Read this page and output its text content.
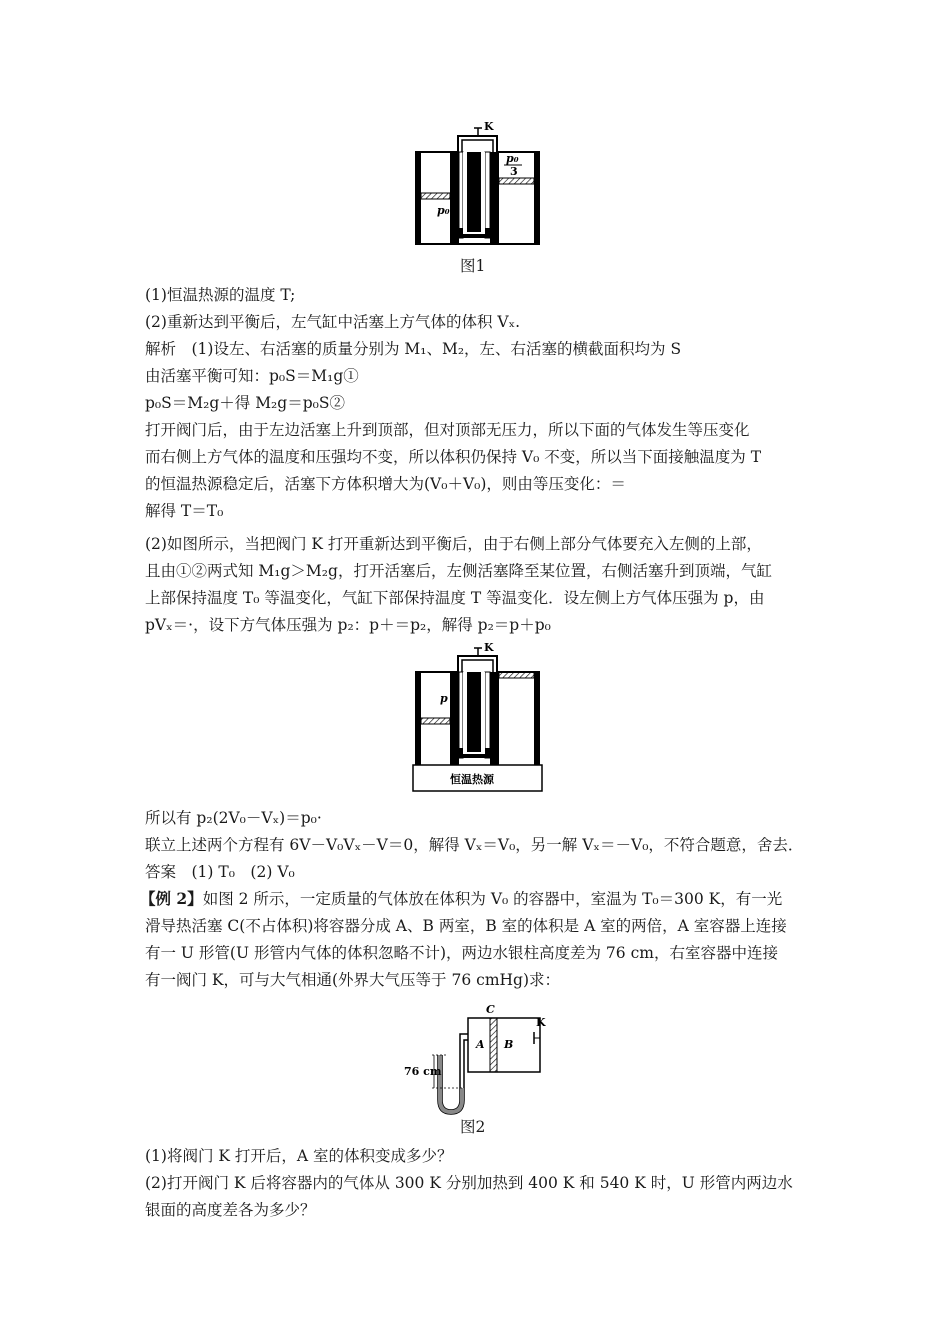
K
p₀
p₀
3
图1
(1)恒温热源的温度 T;
(2)重新达到平衡后，左气缸中活塞上方气体的体积 Vₓ.
解析　(1)设左、右活塞的质量分别为 M₁、M₂，左、右活塞的横截面积均为 S
由活塞平衡可知：p₀S＝M₁g①
p₀S＝M₂g＋得 M₂g＝p₀S②
打开阀门后，由于左边活塞上升到顶部，但对顶部无压力，所以下面的气体发生等压变化
而右侧上方气体的温度和压强均不变，所以体积仍保持 V₀ 不变，所以当下面接触温度为 T
的恒温热源稳定后，活塞下方体积增大为(V₀＋V₀)，则由等压变化：＝
解得 T＝T₀
(2)如图所示，当把阀门 K 打开重新达到平衡后，由于右侧上部分气体要充入左侧的上部，
且由①②两式知 M₁g＞M₂g，打开活塞后，左侧活塞降至某位置，右侧活塞升到顶端，气缸
上部保持温度 T₀ 等温变化，气缸下部保持温度 T 等温变化．设左侧上方气体压强为 p，由
pVₓ＝·，设下方气体压强为 p₂：p＋＝p₂，解得 p₂＝p＋p₀
K
p
恒温热源
所以有 p₂(2V₀－Vₓ)＝p₀·
联立上述两个方程有 6V－V₀Vₓ－V＝0，解得 Vₓ＝V₀，另一解 Vₓ＝－V₀，不符合题意，舍去．
答案　(1) T₀　(2) V₀
【例 2】如图 2 所示，一定质量的气体放在体积为 V₀ 的容器中，室温为 T₀＝300 K，有一光
滑导热活塞 C(不占体积)将容器分成 A、B 两室，B 室的体积是 A 室的两倍，A 室容器上连接
有一 U 形管(U 形管内气体的体积忽略不计)，两边水银柱高度差为 76 cm，右室容器中连接
有一阀门 K，可与大气相通(外界大气压等于 76 cmHg)求：
C
A B
K
76 cm
图2
(1)将阀门 K 打开后，A 室的体积变成多少？
(2)打开阀门 K 后将容器内的气体从 300 K 分别加热到 400 K 和 540 K 时，U 形管内两边水
银面的高度差各为多少？
